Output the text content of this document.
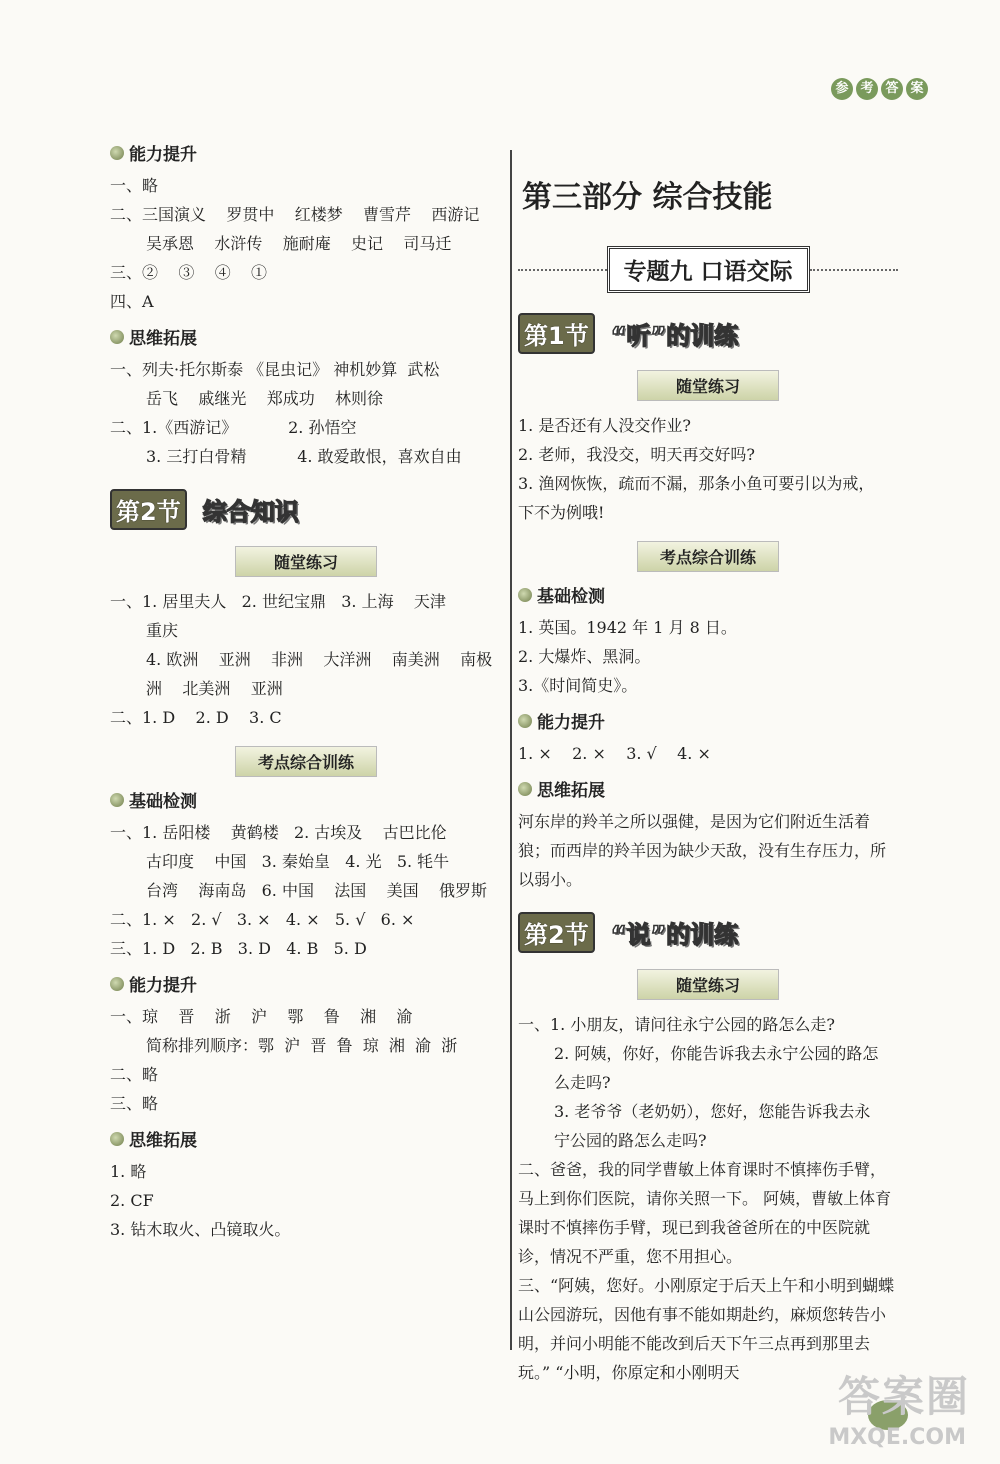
参 考 答 案
能力提升
一、略
二、三国演义    罗贯中    红楼梦    曹雪芹    西游记
吴承恩    水浒传    施耐庵    史记    司马迁
三、②    ③    ④    ①
四、A
思维拓展
一、列夫·托尔斯泰 《昆虫记》 神机妙算  武松
岳飞    戚继光    郑成功    林则徐
二、1.《西游记》          2. 孙悟空
3. 三打白骨精          4. 敢爱敢恨，喜欢自由
第2节 综合知识
随堂练习
一、1. 居里夫人   2. 世纪宝鼎   3. 上海    天津
重庆
4. 欧洲    亚洲    非洲    大洋洲    南美洲    南极
洲    北美洲    亚洲
二、1. D    2. D    3. C
考点综合训练
基础检测
一、1. 岳阳楼    黄鹤楼   2. 古埃及    古巴比伦
古印度    中国   3. 秦始皇   4. 光   5. 牦牛
台湾    海南岛   6. 中国    法国    美国    俄罗斯
二、1. ×   2. √   3. ×   4. ×   5. √   6. ×
三、1. D   2. B   3. D   4. B   5. D
能力提升
一、琼    晋    浙    沪    鄂    鲁    湘    渝
简称排列顺序：鄂  沪  晋  鲁  琼  湘  渝  浙
二、略
三、略
思维拓展
1. 略
2. CF
3. 钻木取火、凸镜取火。
第三部分 综合技能
专题九 口语交际
第1节 “听”的训练
随堂练习
1. 是否还有人没交作业?
2. 老师，我没交，明天再交好吗?
3. 渔网恢恢，疏而不漏，那条小鱼可要引以为戒，
下不为例哦!
考点综合训练
基础检测
1. 英国。1942 年 1 月 8 日。
2. 大爆炸、黑洞。
3.《时间简史》。
能力提升
1. ×    2. ×    3. √    4. ×
思维拓展
河东岸的羚羊之所以强健，是因为它们附近生活着狼；而西岸的羚羊因为缺少天敌，没有生存压力，所以弱小。
第2节 “说”的训练
随堂练习
一、1. 小朋友，请问往永宁公园的路怎么走?
2. 阿姨，你好，你能告诉我去永宁公园的路怎
么走吗?
3. 老爷爷（老奶奶），您好，您能告诉我去永
宁公园的路怎么走吗?
二、爸爸，我的同学曹敏上体育课时不慎摔伤手臂，马上到你们医院，请你关照一下。 阿姨，曹敏上体育课时不慎摔伤手臂，现已到我爸爸所在的中医院就诊，情况不严重，您不用担心。
三、“阿姨，您好。小刚原定于后天上午和小明到蝴蝶山公园游玩，因他有事不能如期赴约，麻烦您转告小明，并问小明能不能改到后天下午三点再到那里去玩。” “小明，你原定和小刚明天	答案圈
MXQE.COM
